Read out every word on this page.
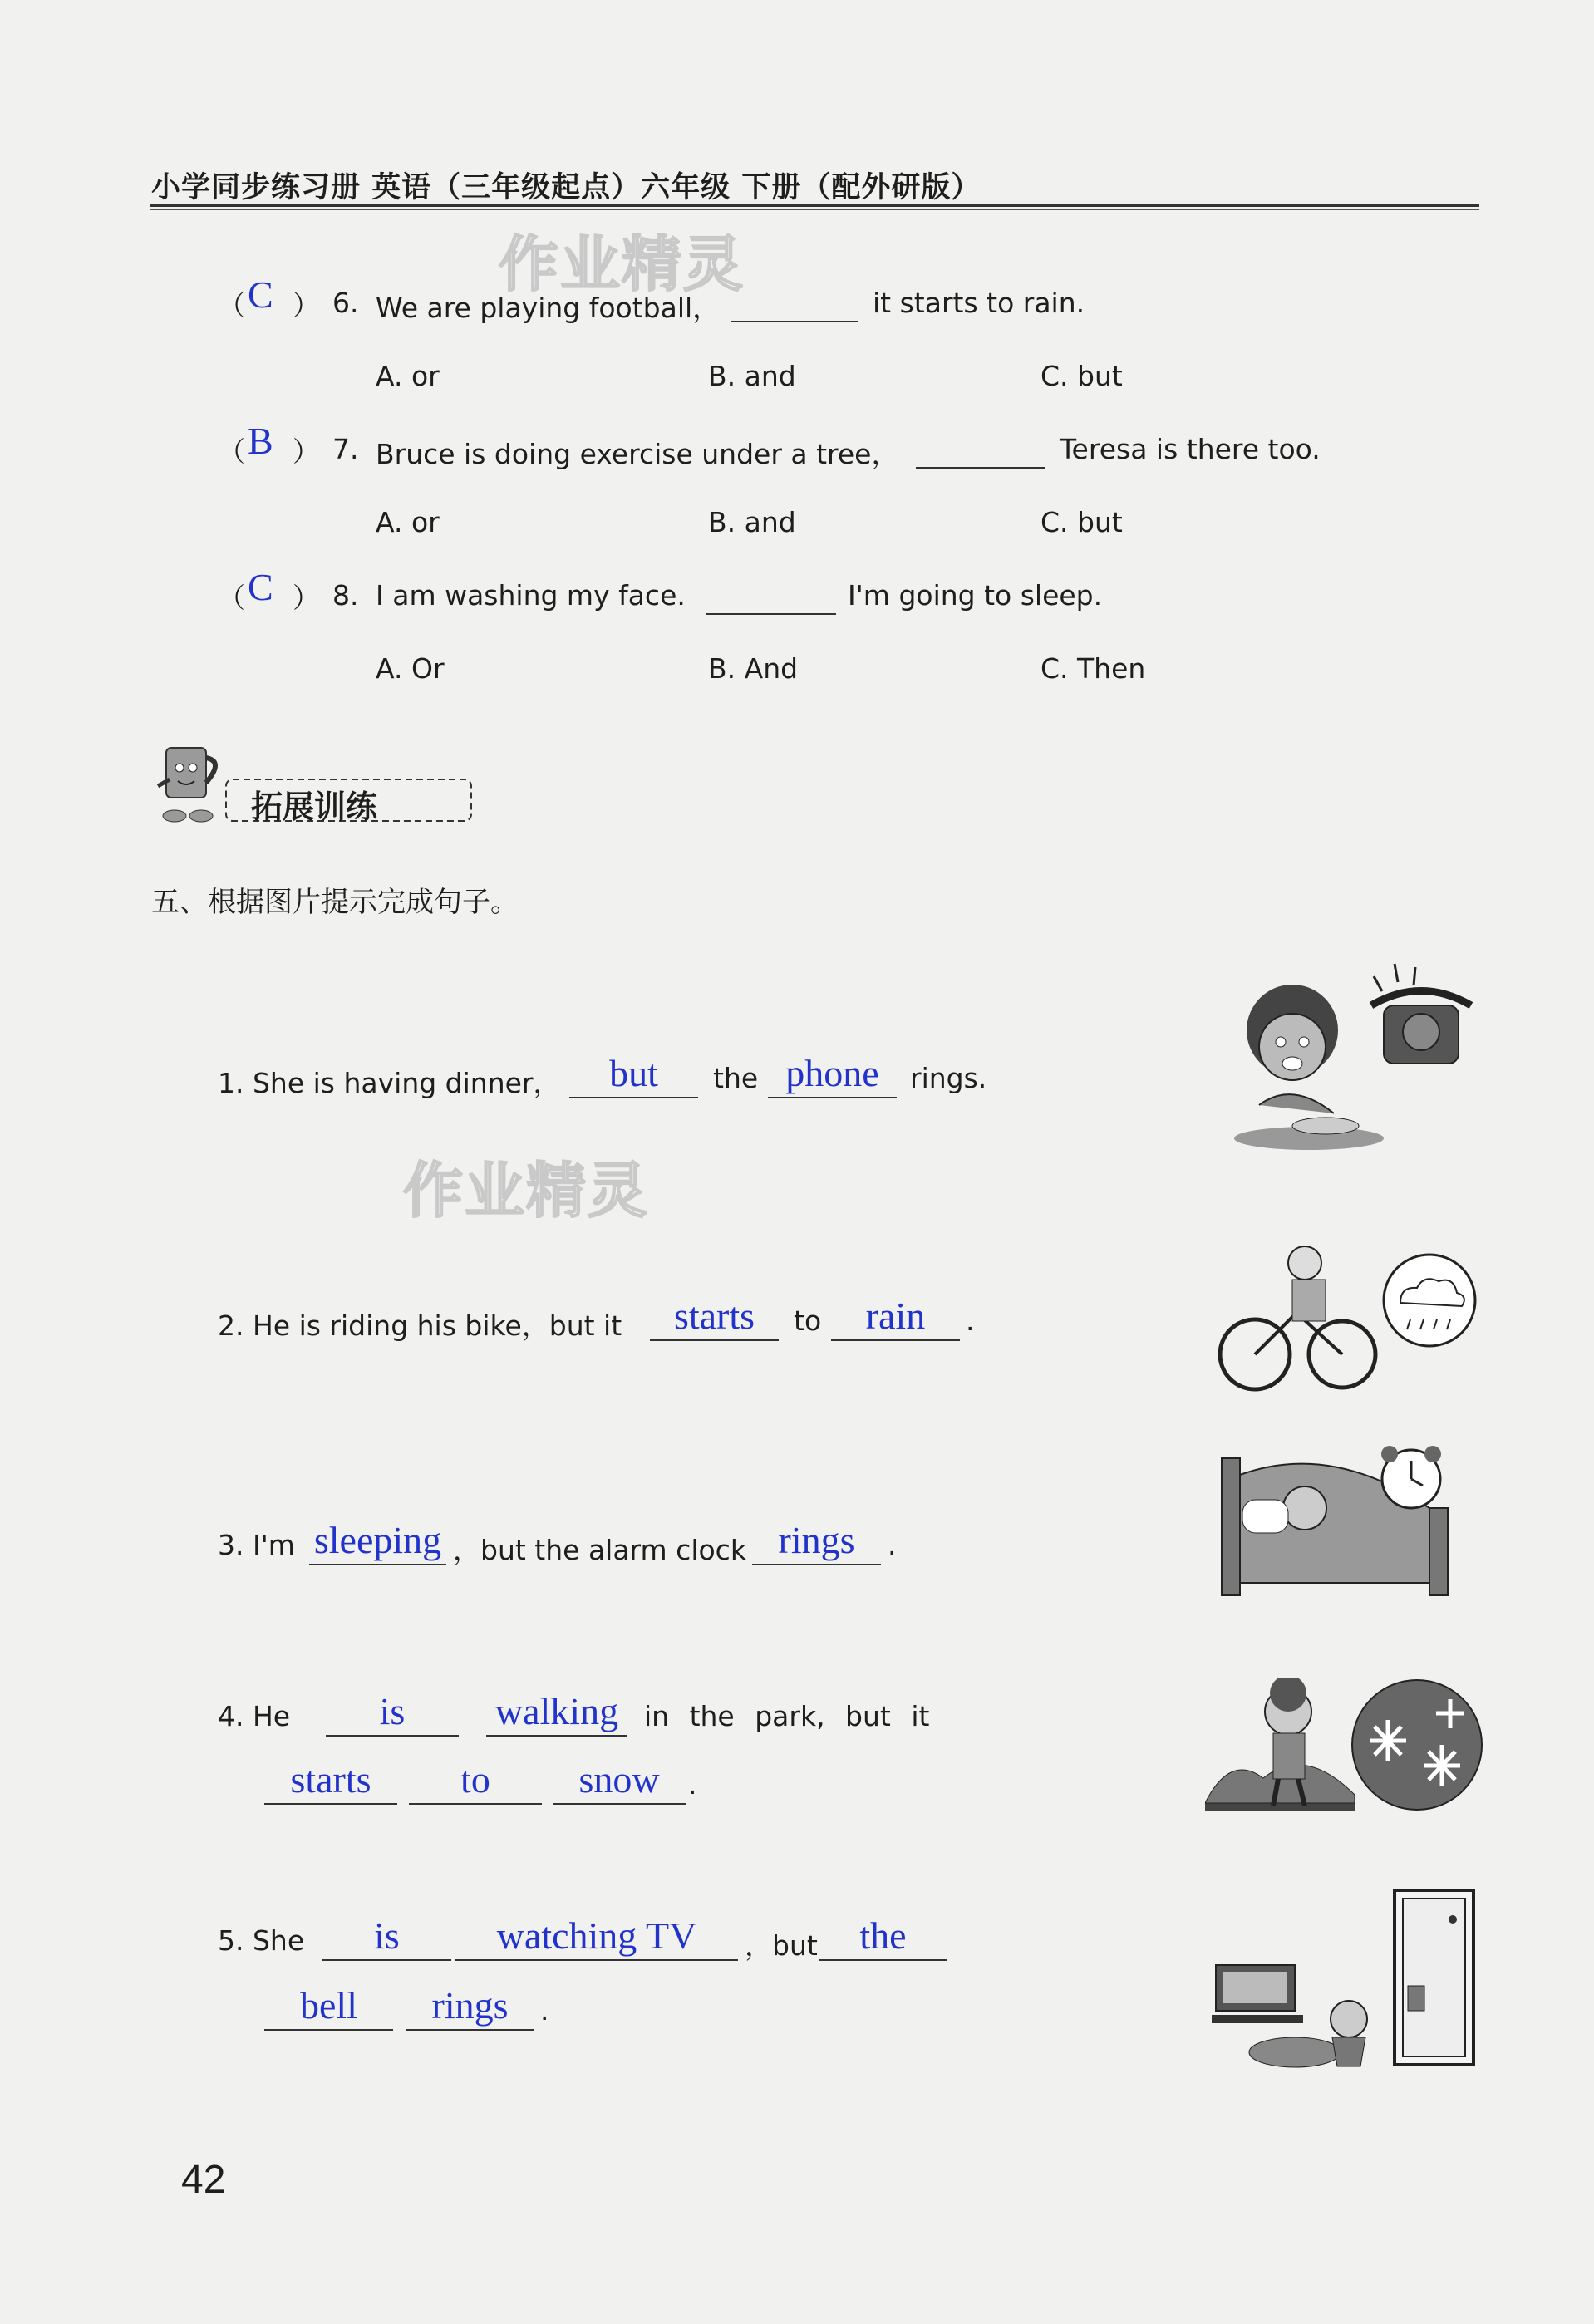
小学同步练习册 英语（三年级起点）六年级 下册（配外研版）
作业精灵
作业精灵
（ C ） 6. We are playing football，	it starts to rain.
A. or	B. and	C. but
（ B ） 7. Bruce is doing exercise under a tree，	Teresa is there too.
A. or	B. and	C. but
（ C ） 8. I am washing my face.	I'm going to sleep.
A. Or	B. And	C. Then
拓展训练
五、根据图片提示完成句子。
1. She is having dinner，	but	the phone	rings.
2. He is riding his bike，but it	starts	to	rain	.
3. I'm sleeping ，but the alarm clock rings	.
4. He	is	walking in the park, but it
starts	to	snow	.
5. She	is	watching TV	，but	the
bell	rings	.
42
